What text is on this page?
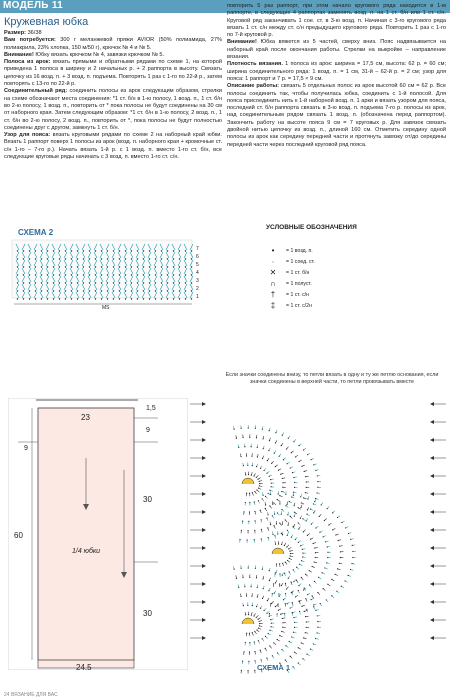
МОДЕЛЬ 11
Кружевная юбка

Размер: 36/38

Вам потребуется: 300 г меланжевой пряжи AVIOR (50% полиамида, 27% полиакрила, 23% хлопка, 150 м/50 г), крючок № 4 и № 5.

Внимание! Юбку вязать крючком № 4, завязки крючком № 5.

Полоса из арок: вязать прямыми и обратными рядами по схеме 1, на которой приведена 1 полоса в ширину и 2 начальных р. + 2 раппорта в высоту. Связать цепочку из 16 возд. п. + 3 возд. п. подъема. Повторять 1 раз с 1-го по 22-й р., затем повторять с 13-го по 22-й р.

Соединительный ряд: соединить полосы из арок следующим образом, стрелки на схеме обозначают места соединения: *1 ст. б/н в 1-ю полосу, 1 возд. п., 1 ст. б/н во 2-ю полосу, 1 возд. п., повторить от * пока полосы не будут соединены на 30 см от наборного края. Затем следующим образом: *1 ст. б/н в 1-ю полосу, 2 возд. п., 1 ст. б/н во 2-ю полосу, 2 возд. п., повторить от *, пока полосы не будут полностью соединены друг с другом, замкнуть 1 ст. б/н.

Узор для пояса: вязать круговыми рядами по схеме 2 на наборный край юбки. Вязать 1 раппорт поверх 1 полосы из арок (возд. п. наборного края + кромочные ст. с/н 1-го – 7-го р.). Начать вязать 1-й р. с 1 возд. п. вместо 1-го ст. б/н, все следующие круговые ряды начинать с 3 возд. п. вместо 1-го ст. с/н.

повторить 5 раз раппорт, при этом начало кругового ряда находится в 1-м раппорте, в следующих 4 раппортах заменять возд. п. на 1 ст. б/н или 1 ст. с/н. Круговой ряд заканчивать 1 сое. ст. в 3-ю возд. п. Начиная с 3-го кругового ряда вязать 1 ст. с/н между ст. с/н предыдущего кругового ряда. Повторить 1 раз с 1-го по 7-й круговой р.

Внимание! Юбка вяжется из 5 частей, сверху вниз. Пояс надвязывается на наборный край после окончания работы. Стрелки на выкройке – направление вязания.

Плотность вязания. 1 полоса из арок: ширина = 17,5 см, высота: 62 р. = 60 см; ширина соединительного ряда: 1 возд. п. = 1 см, 31-й – 62-й р. = 2 см; узор для пояса: 1 раппорт и 7 р. = 17,5 × 9 см.

Описание работы: связать 5 отдельных полос из арок высотой 60 см = 62 р. Все полосы соединить так, чтобы получилась юбка, соединить с 1-й полосой. Для пояса присоединить нить к 1-й наборной возд. п. 1 арки и вязать узором для пояса, последний ст. б/н раппорта связать в 3-ю возд. п. подъема 7-го р. полосы из арок, над соединительным рядом связать 1 возд. п. (обозначена перед раппортом). Закончить работу на высоте пояса 9 см = 7 круговых р. Для завязок связать двойной нитью цепочку из возд. п., длиной 160 см. Отметить середину одной полосы из арок как середину передней части и протянуть завязку от/до середины передней части через последний круговой ряд пояса.

СХЕМА 2
7
6
5
4
3
2
1
MS
УСЛОВНЫЕ ОБОЗНАЧЕНИЯ
•	= 1 возд. п.
∙	= 1 соед. ст.
✕	= 1 ст. б/н
∩	= 1 полуст.
†	= 1 ст. с/н
‡	= 1 ст. с/2н
Если значки соединены внизу, то петли вязать в одну и ту же петлю основания, если значки соединены в верхней части, то петли провязывать вместе
23
1,5
9
9
60
30
30
1/4 юбки
24,5	СХЕМА 1
24 ВЯЗАНИЕ ДЛЯ ВАС
